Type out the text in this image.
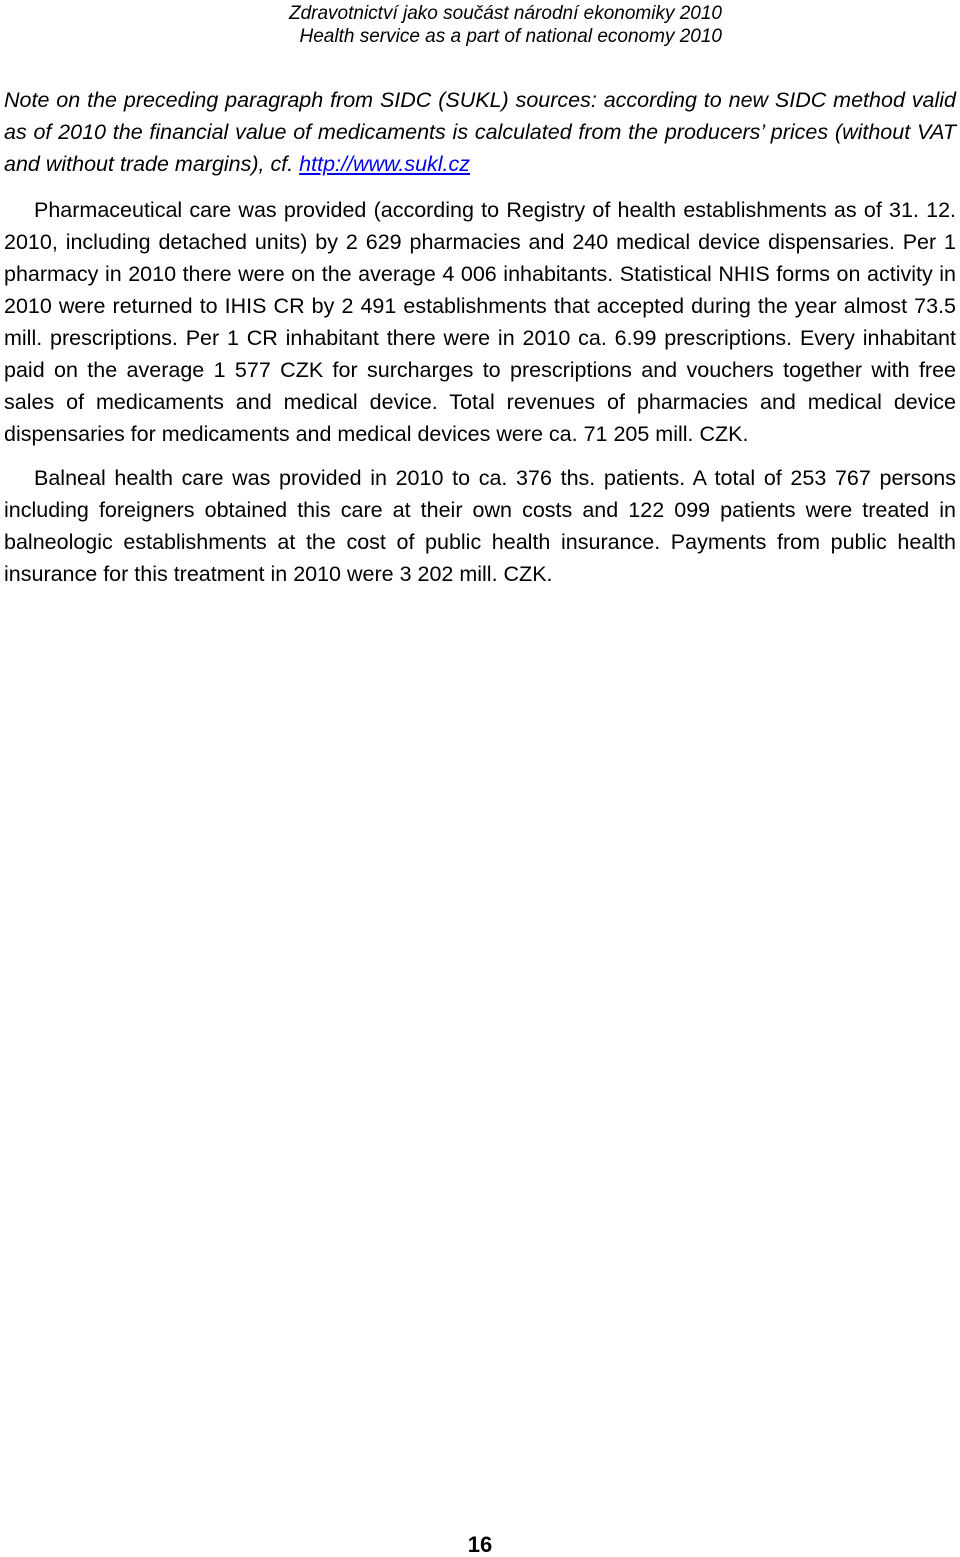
Zdravotnictví jako součást národní ekonomiky 2010
Health service as a part of national economy 2010

Note on the preceding paragraph from SIDC (SUKL) sources: according to new SIDC method valid as of 2010 the financial value of medicaments is calculated from the producers’ prices (without VAT and without trade margins), cf. http://www.sukl.cz

Pharmaceutical care was provided (according to Registry of health establishments as of 31. 12. 2010, including detached units) by 2 629 pharmacies and 240 medical device dispensaries. Per 1 pharmacy in 2010 there were on the average 4 006 inhabitants. Statistical NHIS forms on activity in 2010 were returned to IHIS CR by 2 491 establishments that accepted during the year almost 73.5 mill. prescriptions. Per 1 CR inhabitant there were in 2010 ca. 6.99 prescriptions. Every inhabitant paid on the average 1 577 CZK for surcharges to prescriptions and vouchers together with free sales of medicaments and medical device. Total revenues of pharmacies and medical device dispensaries for medicaments and medical devices were ca. 71 205 mill. CZK.

Balneal health care was provided in 2010 to ca. 376 ths. patients. A total of 253 767 persons including foreigners obtained this care at their own costs and 122 099 patients were treated in balneologic establishments at the cost of public health insurance. Payments from public health insurance for this treatment in 2010 were 3 202 mill. CZK.

16
